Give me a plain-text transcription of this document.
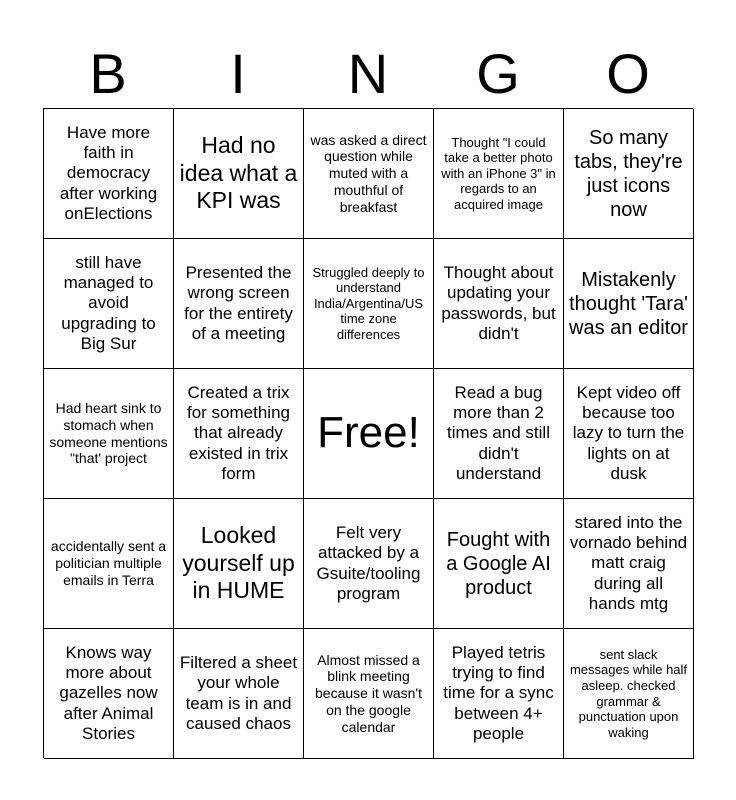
B	I	N	G	O
Have more faith in democracy after working onElections
Had no idea what a KPI was
was asked a direct question while muted with a mouthful of breakfast
Thought "I could take a better photo with an iPhone 3" in regards to an acquired image
So many tabs, they're just icons now
still have managed to avoid upgrading to Big Sur
Presented the wrong screen for the entirety of a meeting
Struggled deeply to understand India/Argentina/US time zone differences
Thought about updating your passwords, but didn't
Mistakenly thought 'Tara' was an editor
Had heart sink to stomach when someone mentions "that' project
Created a trix for something that already existed in trix form
Free!
Read a bug more than 2 times and still didn't understand
Kept video off because too lazy to turn the lights on at dusk
accidentally sent a politician multiple emails in Terra
Looked yourself up in HUME
Felt very attacked by a Gsuite/tooling program
Fought with a Google AI product
stared into the vornado behind matt craig during all hands mtg
Knows way more about gazelles now after Animal Stories
Filtered a sheet your whole team is in and caused chaos
Almost missed a blink meeting because it wasn't on the google calendar
Played tetris trying to find time for a sync between 4+ people
sent slack messages while half asleep. checked grammar & punctuation upon waking
